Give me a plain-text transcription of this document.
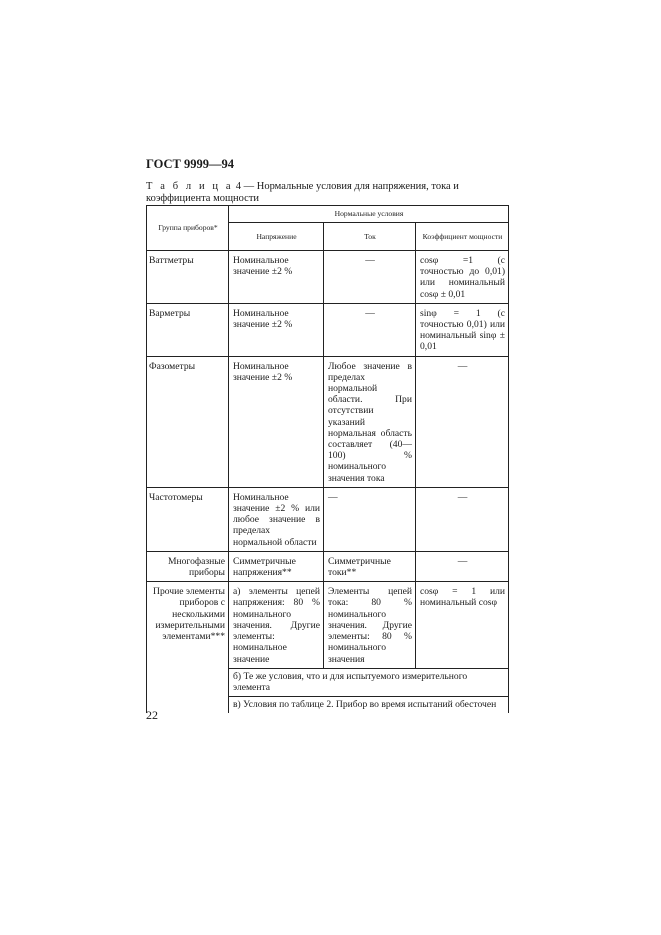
ГОСТ 9999—94
Т а б л и ц а 4 — Нормальные условия для напряжения, тока и коэффициента мощности
Группа приборов*	Нормальные условия		
	Напряжение	Ток	Коэффициент мощности
Ваттметры	Номинальное значение ±2 %	—	cosφ =1 (с точностью до 0,01) или номинальный cosφ ± 0,01
Варметры	Номинальное значение ±2 %	—	sinφ = 1 (с точностью 0,01) или номинальный sinφ ± 0,01
Фазометры	Номинальное значение ±2 %	Любое значение в пределах нормальной области. При отсутствии указаний нормальная область составляет (40—100) % номинального значения тока	—
Частотомеры	Номинальное значение ±2 % или любое значение в пределах нормальной области	—	—
Многофазные приборы	Симметричные напряжения**	Симметричные токи**	—
Прочие элементы приборов с несколькими измерительными элементами***	а) элементы цепей напряжения: 80 % номинального значения. Другие элементы: номинальное значение	Элементы цепей тока: 80 % номинального значения. Другие элементы: 80 % номинального значения	cosφ = 1 или номинальный cosφ
	б) Те же условия, что и для испытуемого измерительного элемента		
	в) Условия по таблице 2. Прибор во время испытаний обесточен		
22
